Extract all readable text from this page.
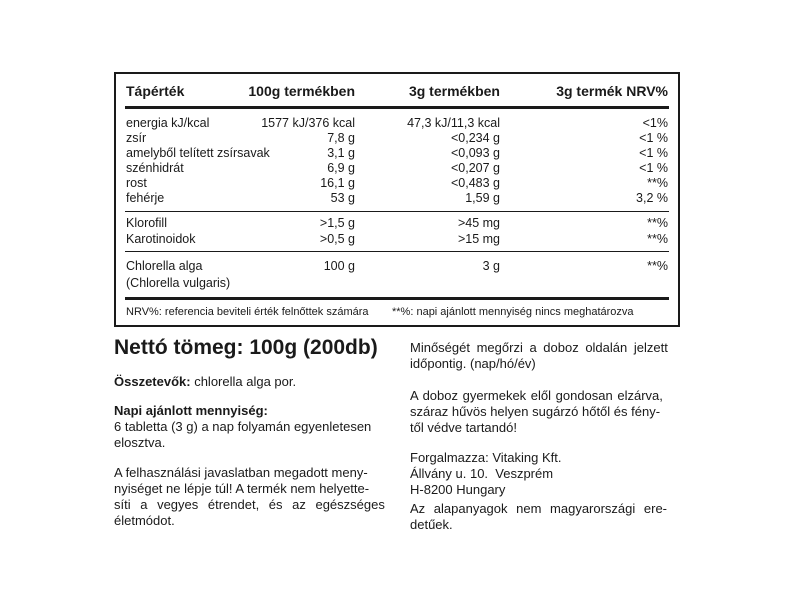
Tápérték	100g termékben	3g termékben	3g termék NRV%
energia kJ/kcal	1577 kJ/376 kcal	47,3 kJ/11,3 kcal	<1%
zsír	7,8 g	<0,234 g	<1 %
amelyből telített zsírsavak	3,1 g	<0,093 g	<1 %
szénhidrát	6,9 g	<0,207 g	<1 %
rost	16,1 g	<0,483 g	**%
fehérje	53 g	1,59 g	3,2 %
Klorofill	>1,5 g	>45 mg	**%
Karotinoidok	>0,5 g	>15 mg	**%
Chlorella alga	100 g	3 g	**%
(Chlorella vulgaris)
NRV%: referencia beviteli érték felnőttek számára **%: napi ajánlott mennyiség nincs meghatározva
Nettó tömeg: 100g (200db)
Összetevők: chlorella alga por.
Napi ajánlott mennyiség:
6 tabletta (3 g) a nap folyamán egyenletesen
elosztva.
A felhasználási javaslatban megadott meny-
nyiséget ne lépje túl! A termék nem helyette-
síti a vegyes étrendet, és az egészséges
életmódot.
Minőségét megőrzi a doboz oldalán jelzett
időpontig. (nap/hó/év)
A doboz gyermekek elől gondosan elzárva,
száraz hűvös helyen sugárzó hőtől és fény-
től védve tartandó!
Forgalmazza: Vitaking Kft.
Állvány u. 10.  Veszprém
H-8200 Hungary
Az alapanyagok nem magyarországi ere-
detűek.
